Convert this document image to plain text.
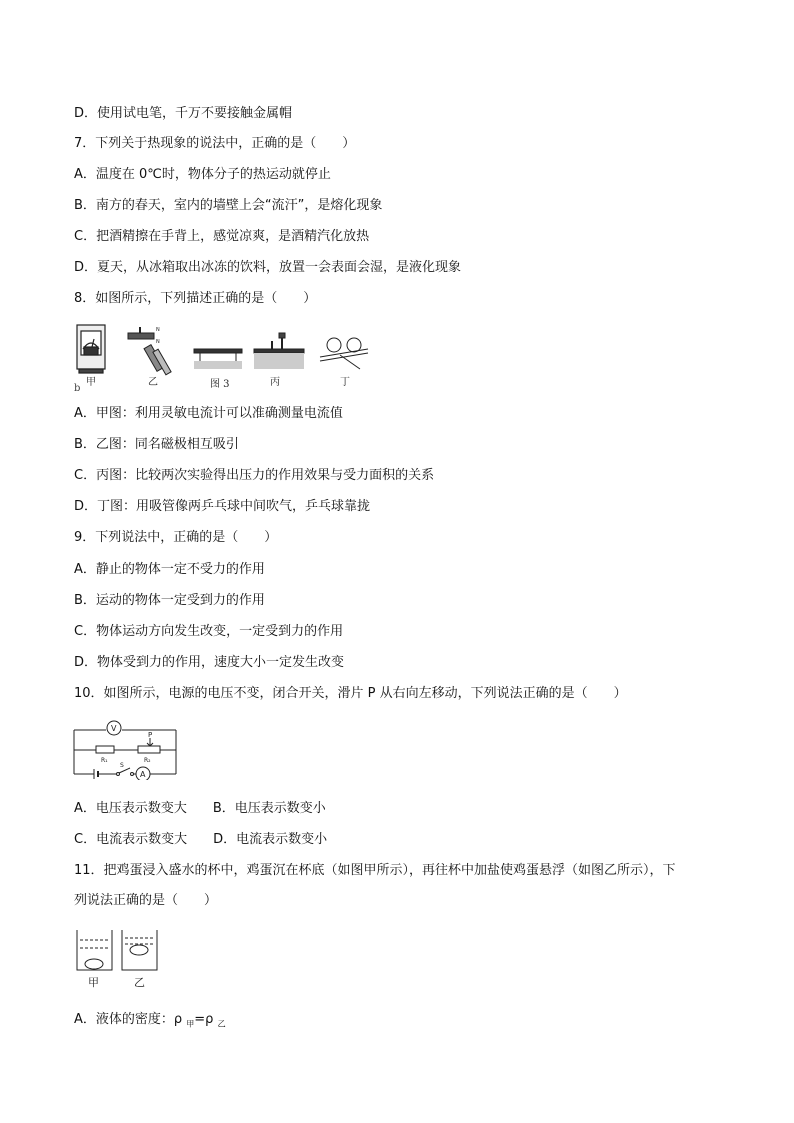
D．使用试电笔，千万不要接触金属帽
7．下列关于热现象的说法中，正确的是（　　）
A．温度在 0℃时，物体分子的热运动就停止
B．南方的春天，室内的墙壁上会“流汗”，是熔化现象
C．把酒精擦在手背上，感觉凉爽，是酒精汽化放热
D．夏天，从冰箱取出冰冻的饮料，放置一会表面会湿，是液化现象
8．如图所示，下列描述正确的是（　　）
N
N
b
甲	乙	图 3	丙	丁
A．甲图：利用灵敏电流计可以准确测量电流值
B．乙图：同名磁极相互吸引
C．丙图：比较两次实验得出压力的作用效果与受力面积的关系
D．丁图：用吸管像两乒乓球中间吹气，乒乓球靠拢
9．下列说法中，正确的是（　　）
A．静止的物体一定不受力的作用
B．运动的物体一定受到力的作用
C．物体运动方向发生改变，一定受到力的作用
D．物体受到力的作用，速度大小一定发生改变
10．如图所示，电源的电压不变，闭合开关，滑片 P 从右向左移动，下列说法正确的是（　　）
V
A
P
R₁	R₂
S
A．电压表示数变大　　B．电压表示数变小
C．电流表示数变大　　D．电流表示数变小
11．把鸡蛋浸入盛水的杯中，鸡蛋沉在杯底（如图甲所示），再往杯中加盐使鸡蛋悬浮（如图乙所示），下
列说法正确的是（　　）
甲	乙
A．液体的密度：ρ $_甲$=ρ $_乙$
